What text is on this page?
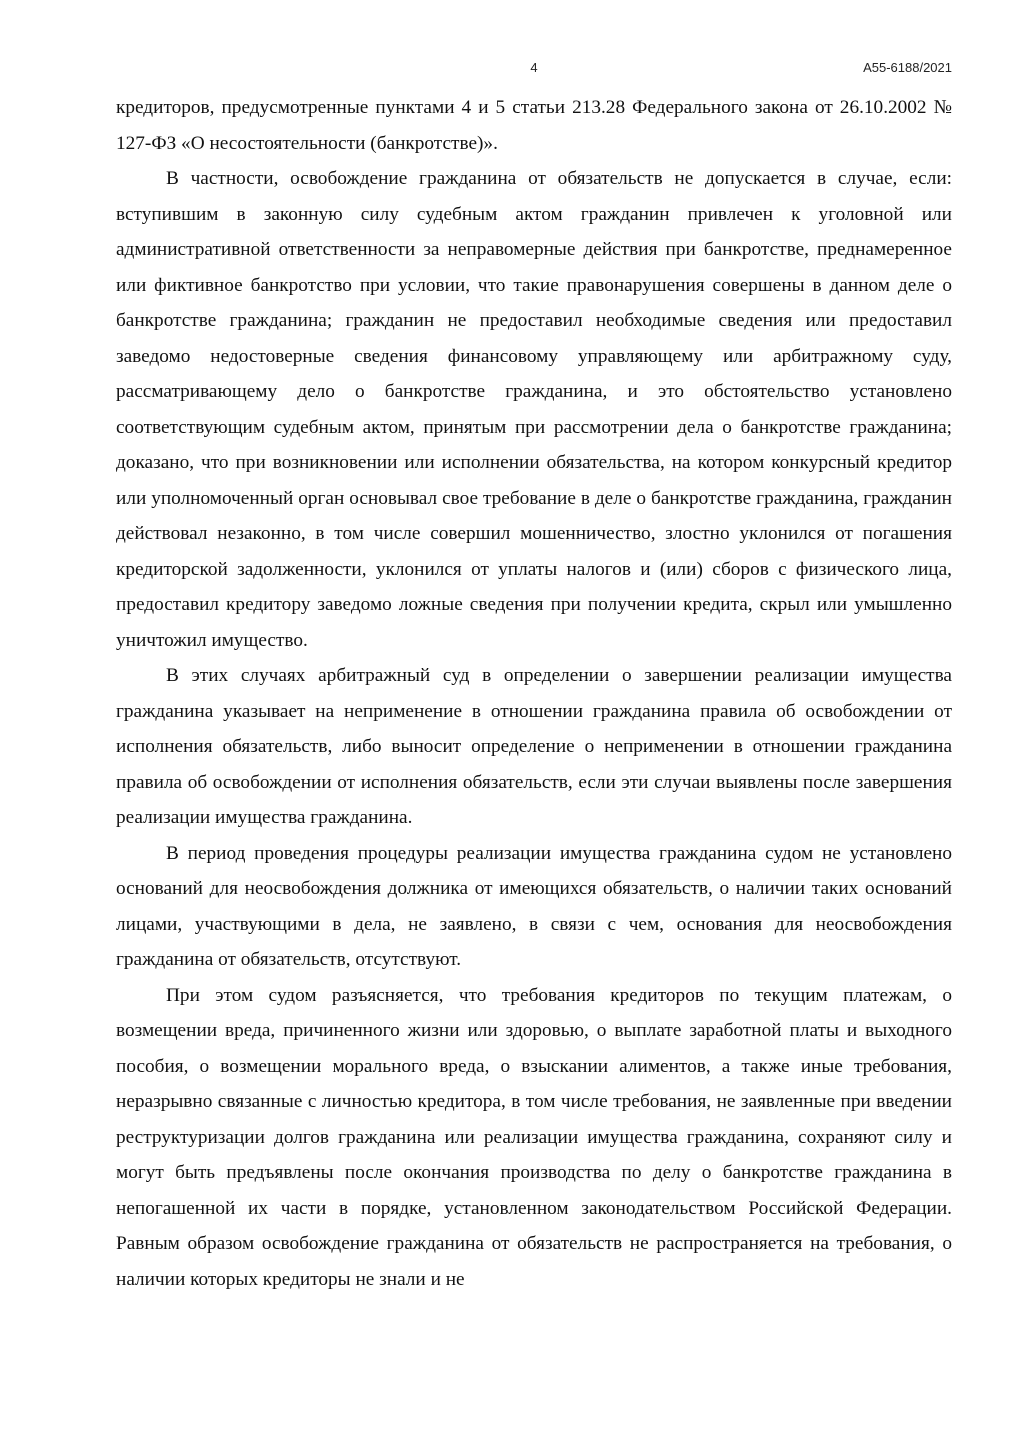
4	А55-6188/2021

кредиторов, предусмотренные пунктами 4 и 5 статьи 213.28 Федерального закона от 26.10.2002 № 127-ФЗ «О несостоятельности (банкротстве)».

В частности, освобождение гражданина от обязательств не допускается в случае, если: вступившим в законную силу судебным актом гражданин привлечен к уголовной или административной ответственности за неправомерные действия при банкротстве, преднамеренное или фиктивное банкротство при условии, что такие правонарушения совершены в данном деле о банкротстве гражданина; гражданин не предоставил необходимые сведения или предоставил заведомо недостоверные сведения финансовому управляющему или арбитражному суду, рассматривающему дело о банкротстве гражданина, и это обстоятельство установлено соответствующим судебным актом, принятым при рассмотрении дела о банкротстве гражданина; доказано, что при возникновении или исполнении обязательства, на котором конкурсный кредитор или уполномоченный орган основывал свое требование в деле о банкротстве гражданина, гражданин действовал незаконно, в том числе совершил мошенничество, злостно уклонился от погашения кредиторской задолженности, уклонился от уплаты налогов и (или) сборов с физического лица, предоставил кредитору заведомо ложные сведения при получении кредита, скрыл или умышленно уничтожил имущество.

В этих случаях арбитражный суд в определении о завершении реализации имущества гражданина указывает на неприменение в отношении гражданина правила об освобождении от исполнения обязательств, либо выносит определение о неприменении в отношении гражданина правила об освобождении от исполнения обязательств, если эти случаи выявлены после завершения реализации имущества гражданина.

В период проведения процедуры реализации имущества гражданина судом не установлено оснований для неосвобождения должника от имеющихся обязательств, о наличии таких оснований лицами, участвующими в дела, не заявлено, в связи с чем, основания для неосвобождения гражданина от обязательств, отсутствуют.

При этом судом разъясняется, что требования кредиторов по текущим платежам, о возмещении вреда, причиненного жизни или здоровью, о выплате заработной платы и выходного пособия, о возмещении морального вреда, о взыскании алиментов, а также иные требования, неразрывно связанные с личностью кредитора, в том числе требования, не заявленные при введении реструктуризации долгов гражданина или реализации имущества гражданина, сохраняют силу и могут быть предъявлены после окончания производства по делу о банкротстве гражданина в непогашенной их части в порядке, установленном законодательством Российской Федерации. Равным образом освобождение гражданина от обязательств не распространяется на требования, о наличии которых кредиторы не знали и не
